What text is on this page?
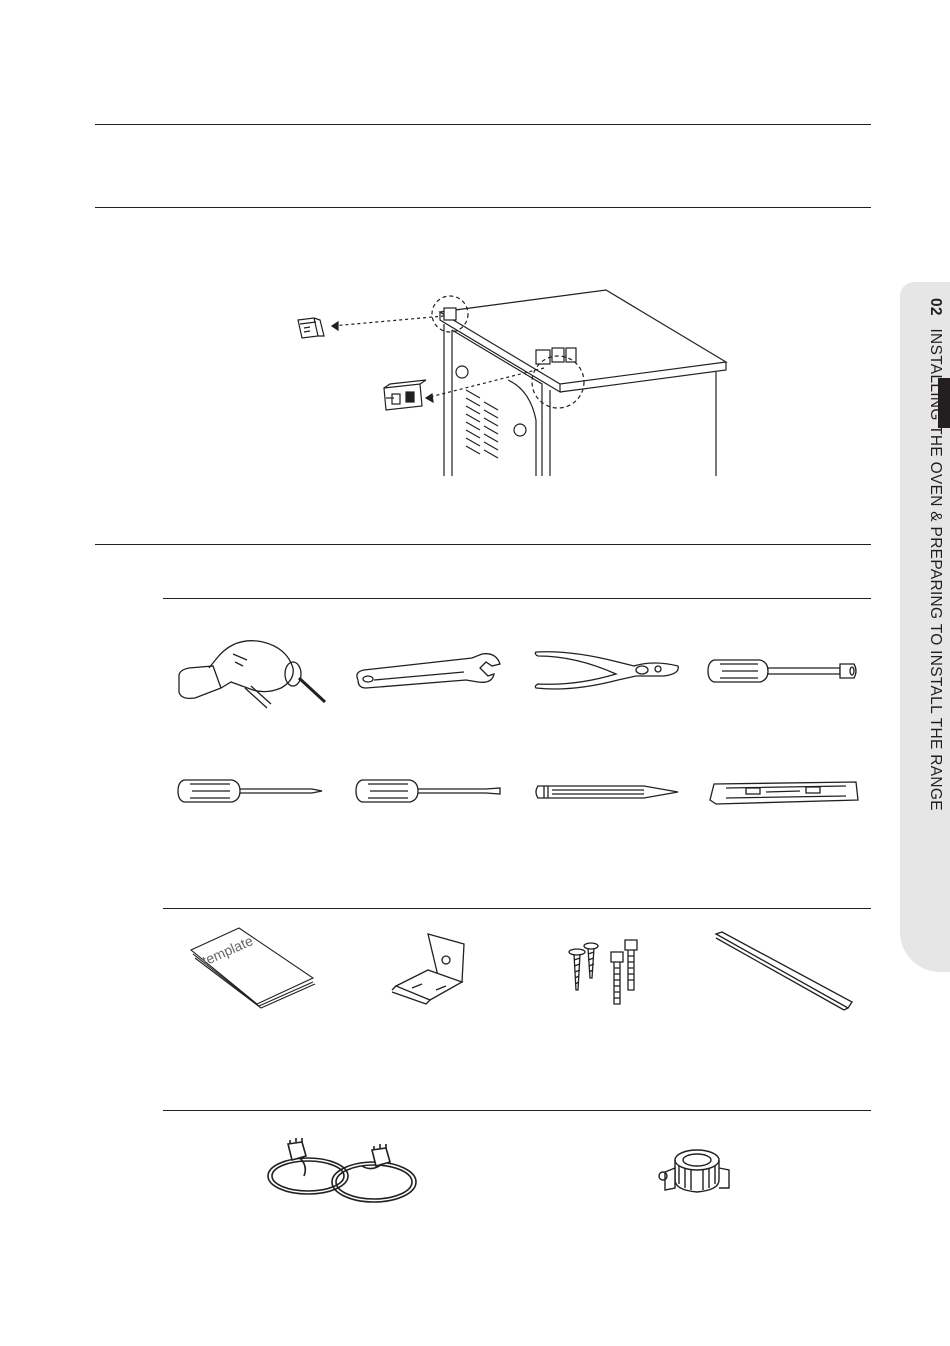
02 INSTALLING THE OVEN & PREPARING TO INSTALL THE RANGE
template
